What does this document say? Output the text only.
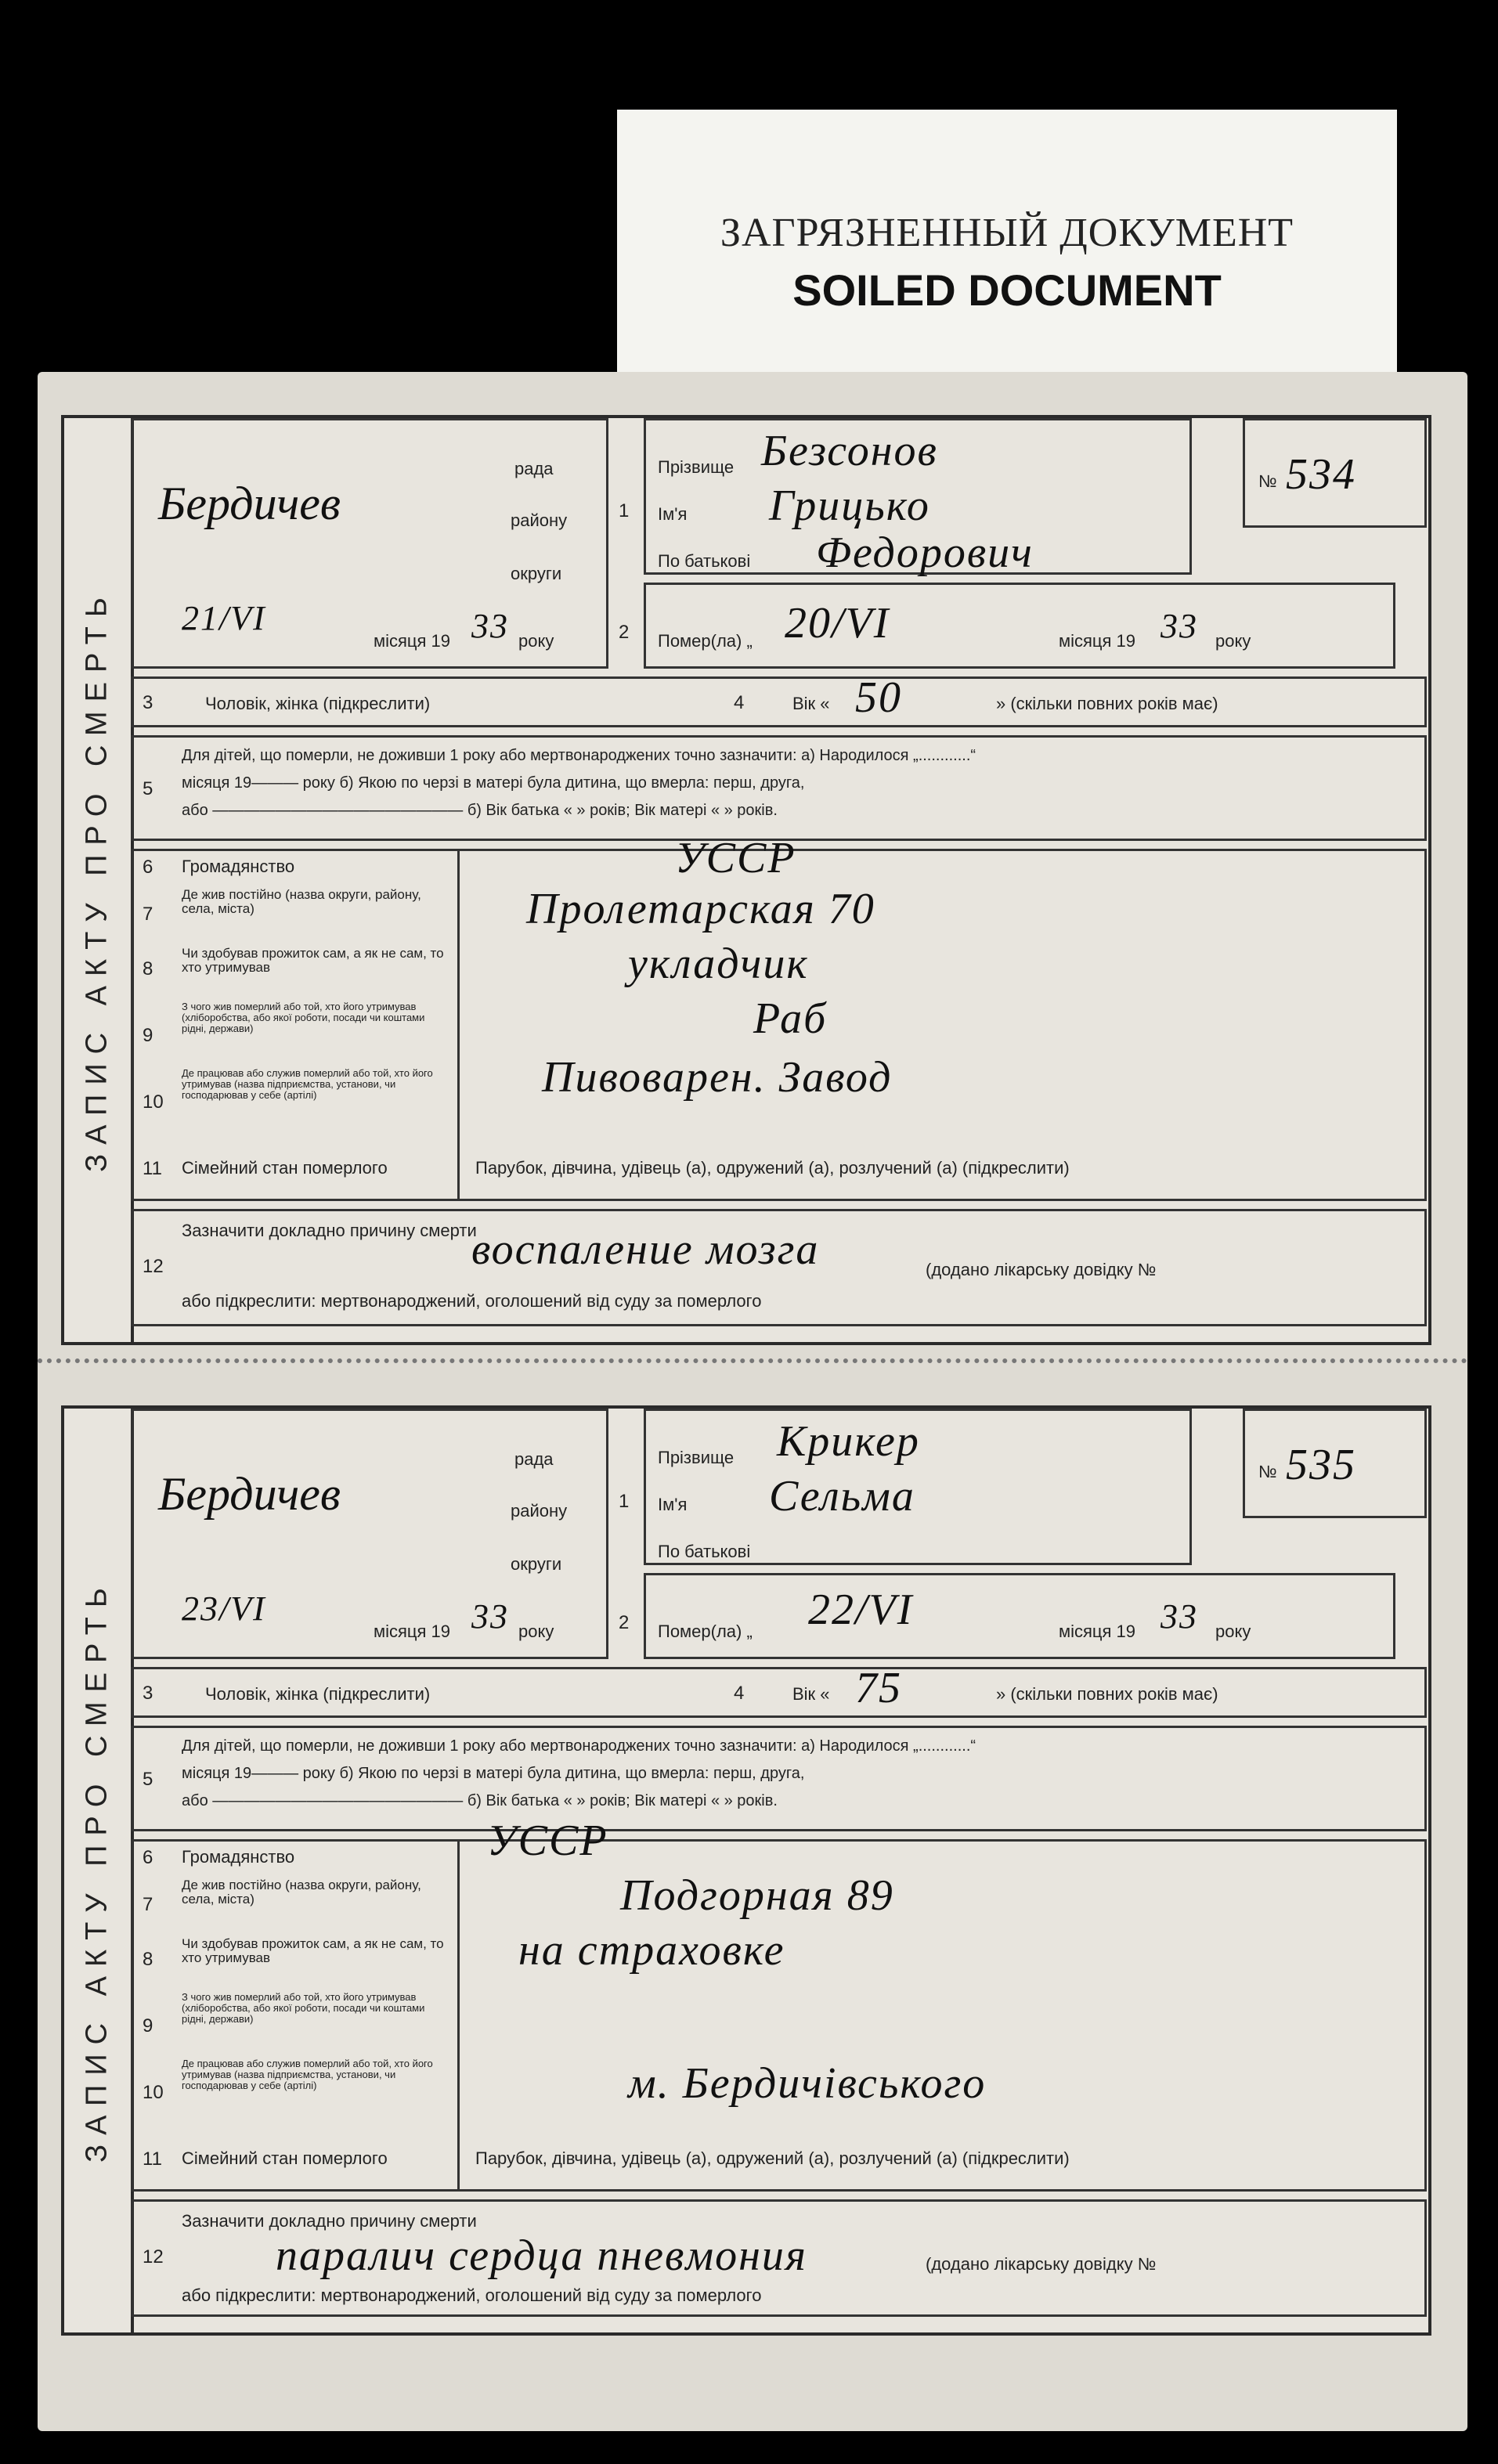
ЗАГРЯЗНЕННЫЙ ДОКУМЕНТ
SOILED DOCUMENT
ЗАПИС АКТУ ПРО СМЕРТЬ
рада
Бердичев	району
округи
21/VI
місяця 19 33 року
1
2
Прізвище Безсонов
Ім'я Грицько
По батькові Федорович
Помер(ла) „ 20/VI	місяця 19 33 року
№ 534
3	Чоловік, жінка (підкреслити)	4	Вік « 50	» (скільки повних років має)
5
Для дітей, що померли, не доживши 1 року або мертвонароджених точно зазначити: а) Народилося „............“
місяця 19——— року б) Якою по черзі в матері була дитина, що вмерла: перш, друга,
або ———————————————— б) Вік батька « » років; Вік матері « » років.
6 Громадянство	УССР
7
Де жив постійно (назва округи, району, села, міста)	Пролетарская 70
8
Чи здобував прожиток сам, а як не сам, то хто утримував	укладчик
9
З чого жив померлий або той, хто його утримував (хліборобства, або якої роботи, посади чи коштами рідні, держави)	Раб
10
Де працював або служив померлий або той, хто його утримував (назва підприємства, установи, чи господарював у себе (артілі)	Пивоварен. Завод
11 Сімейний стан померлого	Парубок, дівчина, удівець (а), одружений (а), розлучений (а) (підкреслити)
12
Зазначити докладно причину смерти
воспаление мозга	(додано лікарську довідку №
або підкреслити: мертвонароджений, оголошений від суду за померлого
ЗАПИС АКТУ ПРО СМЕРТЬ
рада
Бердичев	району
округи
23/VI
місяця 19 33 року
1
2
Прізвище Крикер
Ім'я Сельма
По батькові
Помер(ла) „ 22/VI	місяця 19 33 року
№ 535
3	Чоловік, жінка (підкреслити)	4	Вік « 75	» (скільки повних років має)
5
Для дітей, що померли, не доживши 1 року або мертвонароджених точно зазначити: а) Народилося „............“
місяця 19——— року б) Якою по черзі в матері була дитина, що вмерла: перш, друга,
або ———————————————— б) Вік батька « » років; Вік матері « » років.
6 Громадянство	УССР
7
Де жив постійно (назва округи, району, села, міста)	Подгорная 89
8
Чи здобував прожиток сам, а як не сам, то хто утримував	на страховке
9
З чого жив померлий або той, хто його утримував (хліборобства, або якої роботи, посади чи коштами рідні, держави)
10
Де працював або служив померлий або той, хто його утримував (назва підприємства, установи, чи господарював у себе (артілі)	м. Бердичівського
11 Сімейний стан померлого	Парубок, дівчина, удівець (а), одружений (а), розлучений (а) (підкреслити)
12
Зазначити докладно причину смерти
паралич сердца пневмония	(додано лікарську довідку №
або підкреслити: мертвонароджений, оголошений від суду за померлого
